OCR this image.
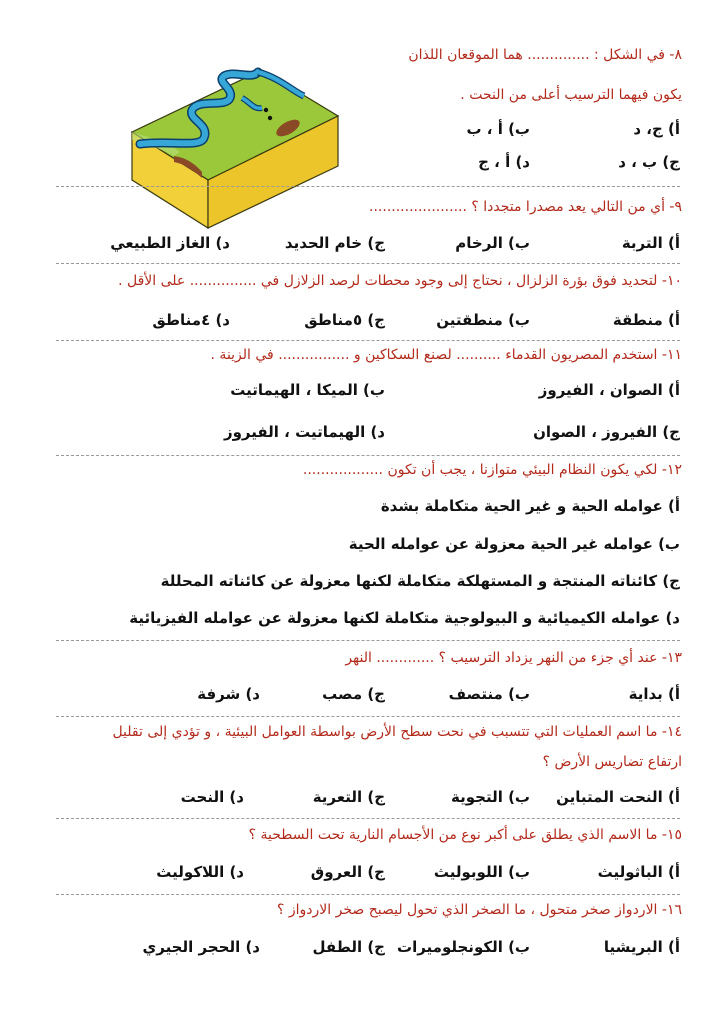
٨- في الشكل : .............. هما الموقعان اللذان
يكون فيهما الترسيب أعلى من النحت .
أ) ج، د
ب) أ ، ب
ج) ب ، د
د) أ ، ج
٩- أي من التالي يعد مصدرا متجددا ؟ ......................
أ) التربة
ب) الرخام
ج) خام الحديد
د) الغاز الطبيعي
١٠- لتحديد فوق بؤرة الزلزال ، نحتاج إلى وجود محطات لرصد الزلازل في ............... على الأقل .
أ) منطقة
ب) منطقتين
ج) ٥مناطق
د) ٤مناطق
١١- استخدم المصريون القدماء .......... لصنع السكاكين و ................ في الزينة .
أ) الصوان ، الفيروز
ب) الميكا ، الهيماتيت
ج) الفيروز ، الصوان
د) الهيماتيت ، الفيروز
١٢- لكي يكون النظام البيئي متوازنا ، يجب أن تكون ..................
أ) عوامله الحية و غير الحية متكاملة بشدة
ب) عوامله غير الحية معزولة عن عوامله الحية
ج) كائناته المنتجة و المستهلكة متكاملة لكنها معزولة عن كائناته المحللة
د) عوامله الكيميائية و البيولوجية متكاملة لكنها معزولة عن عوامله الفيزيائية
١٣- عند أي جزء من النهر يزداد الترسيب ؟ ............. النهر
أ) بداية
ب) منتصف
ج) مصب
د) شرفة
١٤- ما اسم العمليات التي تتسبب في نحت سطح الأرض بواسطة العوامل البيئية ، و تؤدي إلى تقليل
ارتفاع تضاريس الأرض ؟
أ) النحت المتباين
ب) التجوية
ج) التعرية
د) النحت
١٥- ما الاسم الذي يطلق على أكبر نوع من الأجسام النارية تحت السطحية ؟
أ) الباثوليث
ب) اللوبوليث
ج) العروق
د) اللاكوليث
١٦- الاردواز صخر متحول ، ما الصخر الذي تحول ليصبح صخر الاردواز ؟
أ) البريشيا
ب) الكونجلوميرات
ج) الطفل
د) الحجر الجيري
